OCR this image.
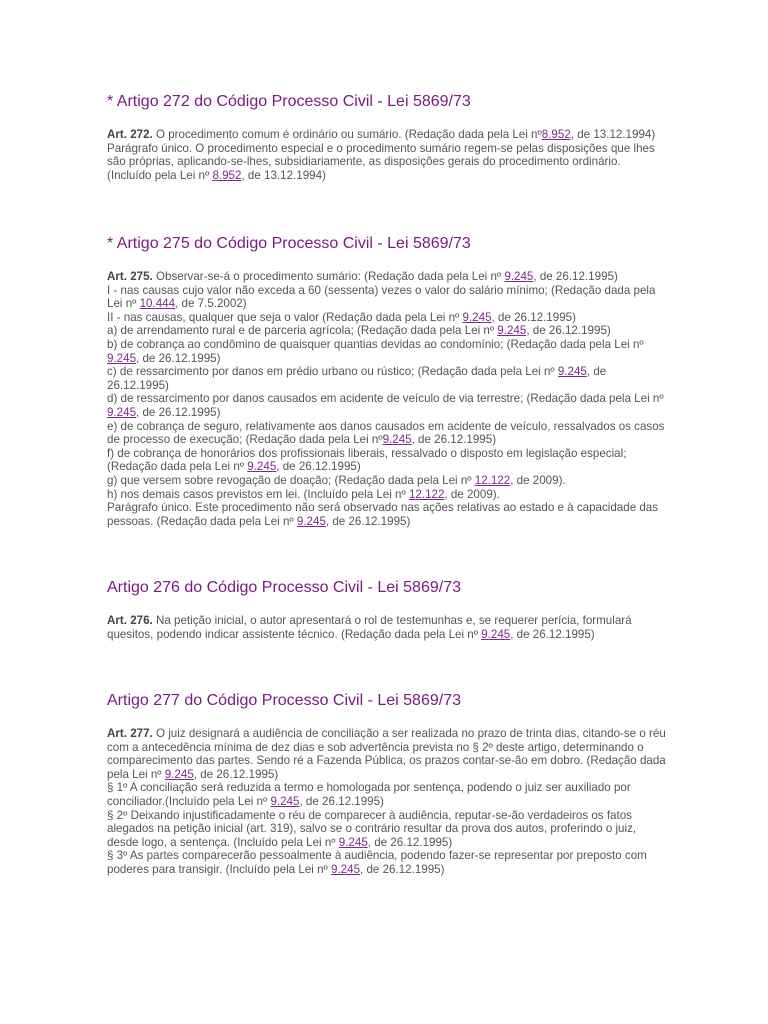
* Artigo 272 do Código Processo Civil - Lei 5869/73

Art. 272. O procedimento comum é ordinário ou sumário. (Redação dada pela Lei nº8.952, de 13.12.1994)

Parágrafo único. O procedimento especial e o procedimento sumário regem-se pelas disposições que lhes são próprias, aplicando-se-lhes, subsidiariamente, as disposições gerais do procedimento ordinário. (Incluído pela Lei nº 8.952, de 13.12.1994)

* Artigo 275 do Código Processo Civil - Lei 5869/73

Art. 275. Observar-se-á o procedimento sumário: (Redação dada pela Lei nº 9.245, de 26.12.1995)

I - nas causas cujo valor não exceda a 60 (sessenta) vezes o valor do salário mínimo; (Redação dada pela Lei nº 10.444, de 7.5.2002)

II - nas causas, qualquer que seja o valor (Redação dada pela Lei nº 9.245, de 26.12.1995)

a) de arrendamento rural e de parceria agrícola; (Redação dada pela Lei nº 9.245, de 26.12.1995)

b) de cobrança ao condômino de quaisquer quantias devidas ao condomínio; (Redação dada pela Lei nº 9.245, de 26.12.1995)

c) de ressarcimento por danos em prédio urbano ou rústico; (Redação dada pela Lei nº 9.245, de 26.12.1995)

d) de ressarcimento por danos causados em acidente de veículo de via terrestre; (Redação dada pela Lei nº 9.245, de 26.12.1995)

e) de cobrança de seguro, relativamente aos danos causados em acidente de veículo, ressalvados os casos de processo de execução; (Redação dada pela Lei nº9.245, de 26.12.1995)

f) de cobrança de honorários dos profissionais liberais, ressalvado o disposto em legislação especial; (Redação dada pela Lei nº 9.245, de 26.12.1995)

g) que versem sobre revogação de doação; (Redação dada pela Lei nº 12.122, de 2009).

h) nos demais casos previstos em lei. (Incluído pela Lei nº 12.122, de 2009).

Parágrafo único. Este procedimento não será observado nas ações relativas ao estado e à capacidade das pessoas. (Redação dada pela Lei nº 9.245, de 26.12.1995)

Artigo 276 do Código Processo Civil - Lei 5869/73

Art. 276. Na petição inicial, o autor apresentará o rol de testemunhas e, se requerer perícia, formulará quesitos, podendo indicar assistente técnico. (Redação dada pela Lei nº 9.245, de 26.12.1995)

Artigo 277 do Código Processo Civil - Lei 5869/73

Art. 277. O juiz designará a audiência de conciliação a ser realizada no prazo de trinta dias, citando-se o réu com a antecedência mínima de dez dias e sob advertência prevista no § 2º deste artigo, determinando o comparecimento das partes. Sendo ré a Fazenda Pública, os prazos contar-se-ão em dobro. (Redação dada pela Lei nº 9.245, de 26.12.1995)

§ 1º A conciliação será reduzida a termo e homologada por sentença, podendo o juiz ser auxiliado por conciliador.(Incluído pela Lei nº 9.245, de 26.12.1995)

§ 2º Deixando injustificadamente o réu de comparecer à audiência, reputar-se-ão verdadeiros os fatos alegados na petição inicial (art. 319), salvo se o contrário resultar da prova dos autos, proferindo o juiz, desde logo, a sentença. (Incluído pela Lei nº 9.245, de 26.12.1995)

§ 3º As partes comparecerão pessoalmente à audiência, podendo fazer-se representar por preposto com poderes para transigir. (Incluído pela Lei nº 9.245, de 26.12.1995)
